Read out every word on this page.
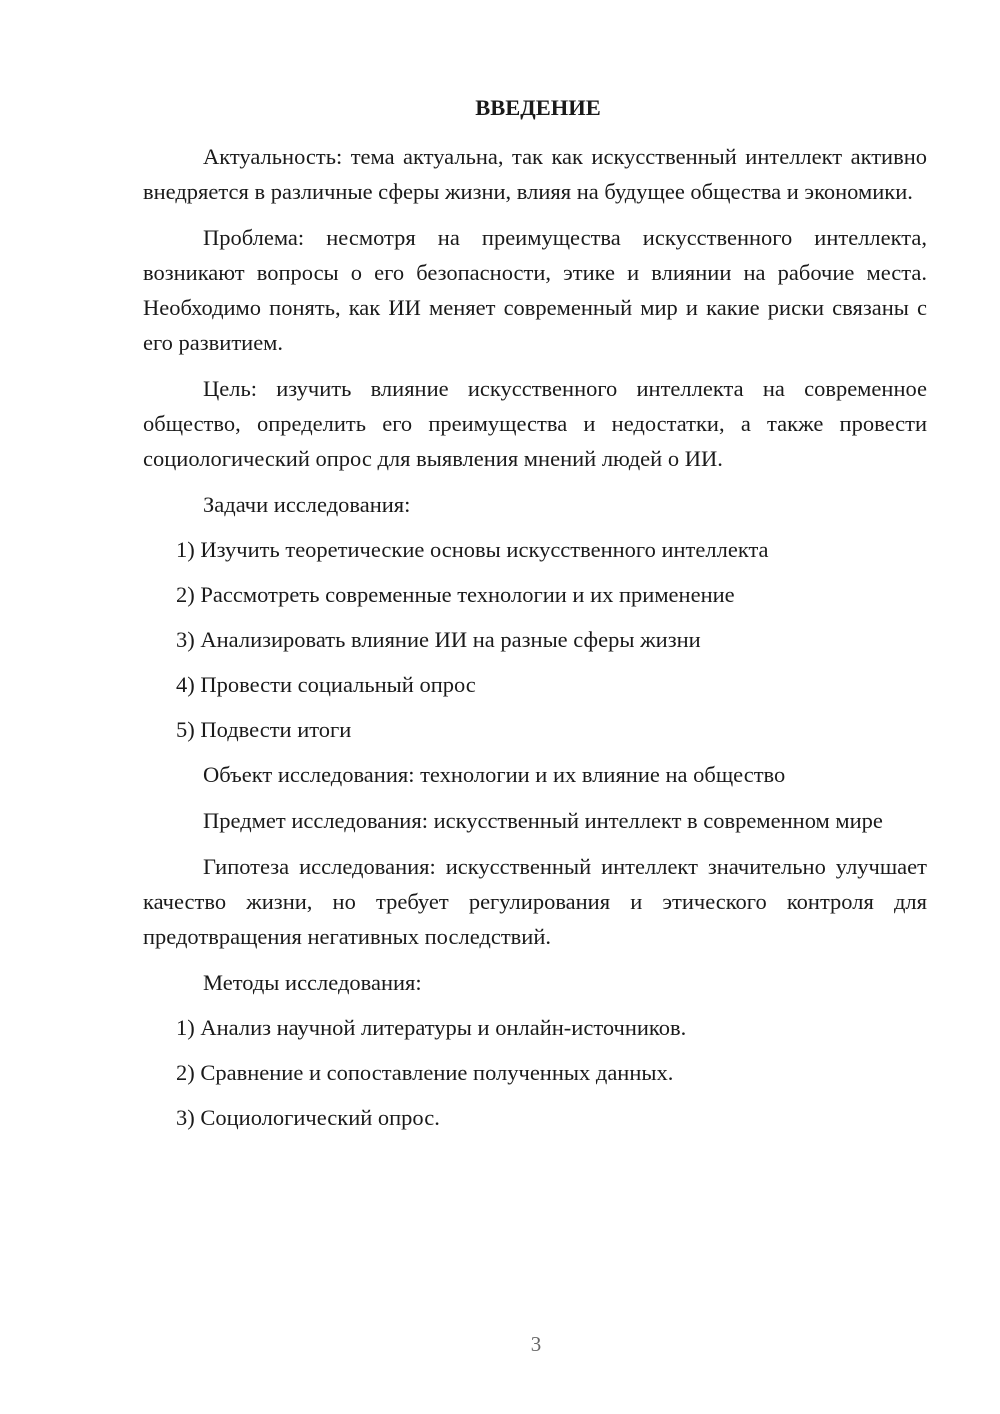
ВВЕДЕНИЕ

Актуальность: тема актуальна, так как искусственный интеллект активно внедряется в различные сферы жизни, влияя на будущее общества и экономики.

Проблема: несмотря на преимущества искусственного интеллекта, возникают вопросы о его безопасности, этике и влиянии на рабочие места. Необходимо понять, как ИИ меняет современный мир и какие риски связаны с его развитием.

Цель: изучить влияние искусственного интеллекта на современное общество, определить его преимущества и недостатки, а также провести социологический опрос для выявления мнений людей о ИИ.

Задачи исследования:
1) Изучить теоретические основы искусственного интеллекта
2) Рассмотреть современные технологии и их применение
3) Анализировать влияние ИИ на разные сферы жизни
4) Провести социальный опрос
5) Подвести итоги

Объект исследования: технологии и их влияние на общество

Предмет исследования: искусственный интеллект в современном мире

Гипотеза исследования: искусственный интеллект значительно улучшает качество жизни, но требует регулирования и этического контроля для предотвращения негативных последствий.

Методы исследования:
1) Анализ научной литературы и онлайн-источников.
2) Сравнение и сопоставление полученных данных.
3) Социологический опрос.
3
